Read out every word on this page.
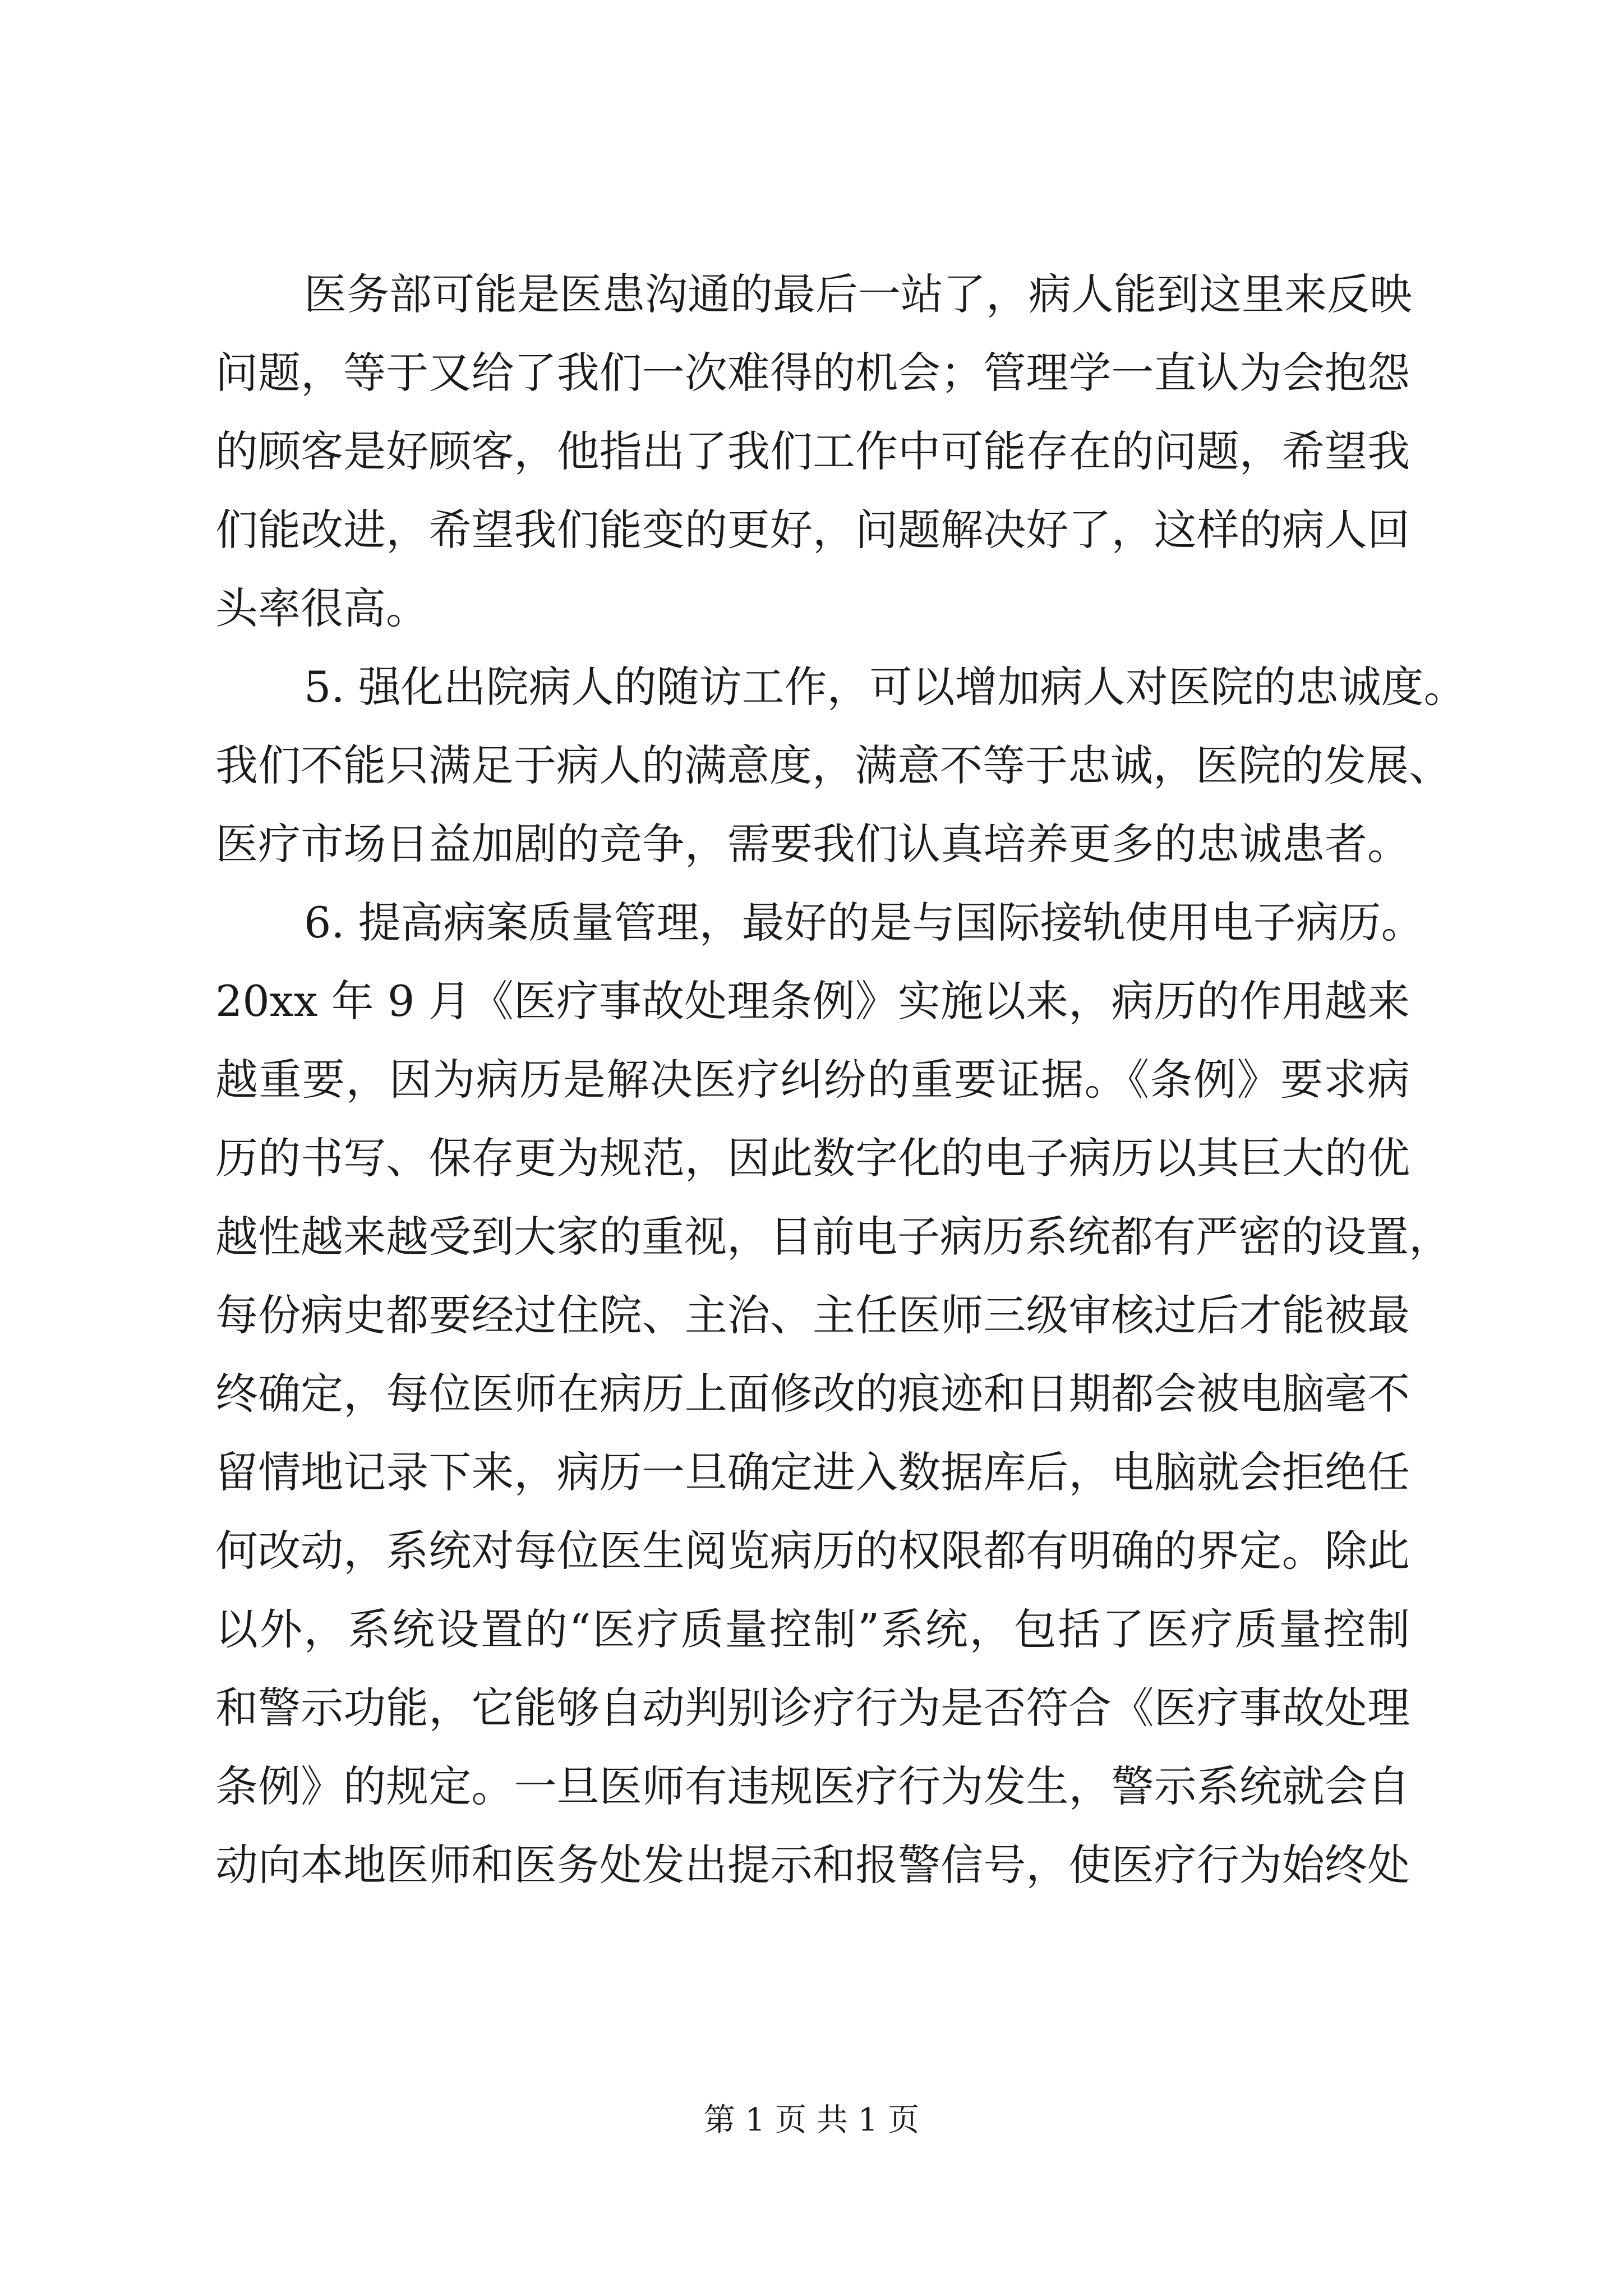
医务部可能是医患沟通的最后一站了，病人能到这里来反映
问题，等于又给了我们一次难得的机会；管理学一直认为会抱怨
的顾客是好顾客，他指出了我们工作中可能存在的问题，希望我
们能改进，希望我们能变的更好，问题解决好了，这样的病人回
头率很高。
5. 强化出院病人的随访工作，可以增加病人对医院的忠诚度。
我们不能只满足于病人的满意度，满意不等于忠诚，医院的发展、
医疗市场日益加剧的竞争，需要我们认真培养更多的忠诚患者。
6. 提高病案质量管理，最好的是与国际接轨使用电子病历。
20xx 年 9 月《医疗事故处理条例》实施以来，病历的作用越来
越重要，因为病历是解决医疗纠纷的重要证据。《条例》要求病
历的书写、保存更为规范，因此数字化的电子病历以其巨大的优
越性越来越受到大家的重视，目前电子病历系统都有严密的设置，
每份病史都要经过住院、主治、主任医师三级审核过后才能被最
终确定，每位医师在病历上面修改的痕迹和日期都会被电脑毫不
留情地记录下来，病历一旦确定进入数据库后，电脑就会拒绝任
何改动，系统对每位医生阅览病历的权限都有明确的界定。除此
以外，系统设置的“医疗质量控制”系统，包括了医疗质量控制
和警示功能，它能够自动判别诊疗行为是否符合《医疗事故处理
条例》的规定。一旦医师有违规医疗行为发生，警示系统就会自
动向本地医师和医务处发出提示和报警信号，使医疗行为始终处
第 1 页 共 1 页
